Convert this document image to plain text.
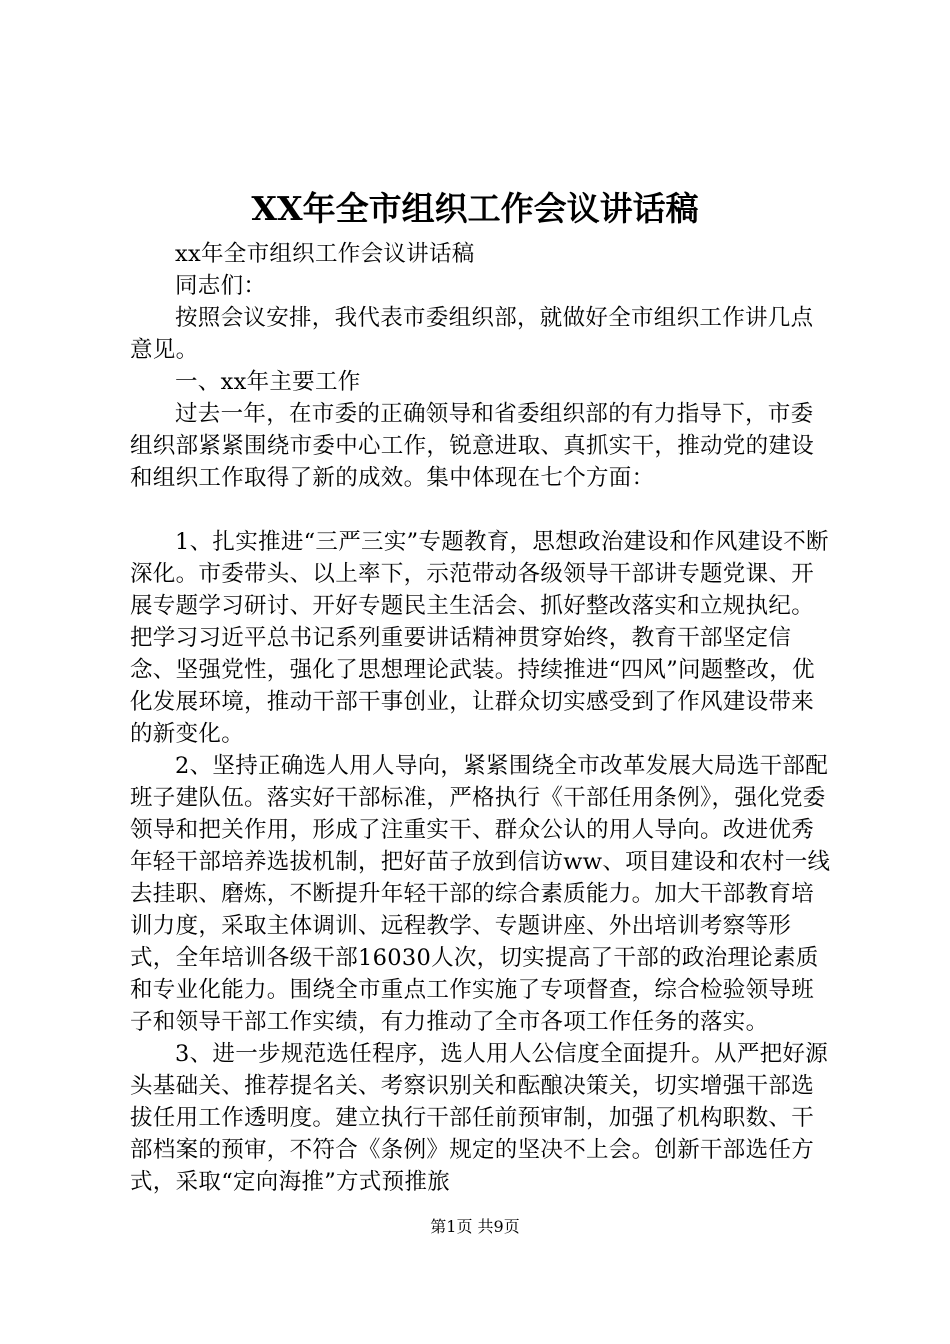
XX年全市组织工作会议讲话稿

xx年全市组织工作会议讲话稿

同志们：

按照会议安排，我代表市委组织部，就做好全市组织工作讲几点意见。

一、xx年主要工作

过去一年，在市委的正确领导和省委组织部的有力指导下，市委组织部紧紧围绕市委中心工作，锐意进取、真抓实干，推动党的建设和组织工作取得了新的成效。集中体现在七个方面：

1、扎实推进“三严三实”专题教育，思想政治建设和作风建设不断深化。市委带头、以上率下，示范带动各级领导干部讲专题党课、开展专题学习研讨、开好专题民主生活会、抓好整改落实和立规执纪。把学习习近平总书记系列重要讲话精神贯穿始终，教育干部坚定信念、坚强党性，强化了思想理论武装。持续推进“四风”问题整改，优化发展环境，推动干部干事创业，让群众切实感受到了作风建设带来的新变化。

2、坚持正确选人用人导向，紧紧围绕全市改革发展大局选干部配班子建队伍。落实好干部标准，严格执行《干部任用条例》，强化党委领导和把关作用，形成了注重实干、群众公认的用人导向。改进优秀年轻干部培养选拔机制，把好苗子放到信访ww、项目建设和农村一线去挂职、磨炼，不断提升年轻干部的综合素质能力。加大干部教育培训力度，采取主体调训、远程教学、专题讲座、外出培训考察等形式，全年培训各级干部16030人次，切实提高了干部的政治理论素质和专业化能力。围绕全市重点工作实施了专项督查，综合检验领导班子和领导干部工作实绩，有力推动了全市各项工作任务的落实。

3、进一步规范选任程序，选人用人公信度全面提升。从严把好源头基础关、推荐提名关、考察识别关和酝酿决策关，切实增强干部选拔任用工作透明度。建立执行干部任前预审制，加强了机构职数、干部档案的预审，不符合《条例》规定的坚决不上会。创新干部选任方式，采取“定向海推”方式预推旅

第1页 共9页
